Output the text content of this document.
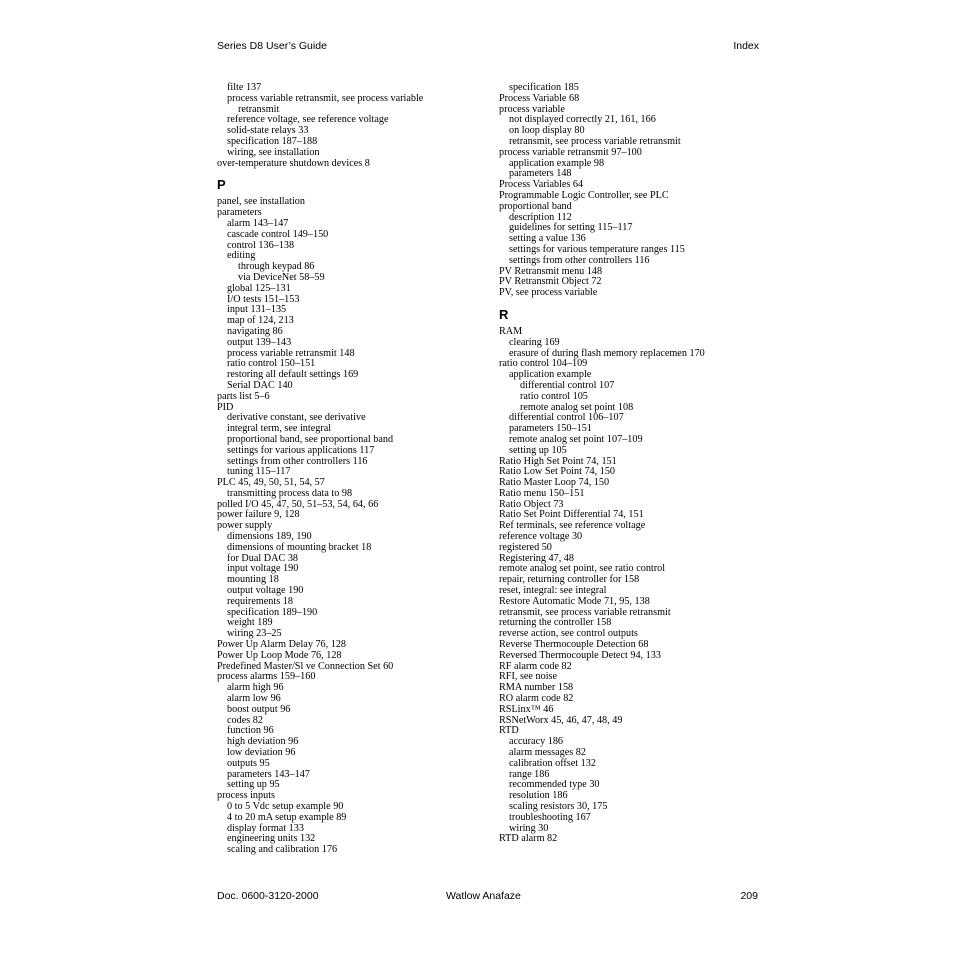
Series D8 User’s Guide	Index
filte 137
process variable retransmit, see process variable
retransmit
reference voltage, see reference voltage
solid-state relays 33
specification 187–188
wiring, see installation
over-temperature shutdown devices 8
P
panel, see installation
parameters
alarm 143–147
cascade control 149–150
control 136–138
editing
through keypad 86
via DeviceNet 58–59
global 125–131
I/O tests 151–153
input 131–135
map of 124, 213
navigating 86
output 139–143
process variable retransmit 148
ratio control 150–151
restoring all default settings 169
Serial DAC 140
parts list 5–6
PID
derivative constant, see derivative
integral term, see integral
proportional band, see proportional band
settings for various applications 117
settings from other controllers 116
tuning 115–117
PLC 45, 49, 50, 51, 54, 57
transmitting process data to 98
polled I/O 45, 47, 50, 51–53, 54, 64, 66
power failure 9, 128
power supply
dimensions 189, 190
dimensions of mounting bracket 18
for Dual DAC 38
input voltage 190
mounting 18
output voltage 190
requirements 18
specification 189–190
weight 189
wiring 23–25
Power Up Alarm Delay 76, 128
Power Up Loop Mode 76, 128
Predefined Master/Sl ve Connection Set 60
process alarms 159–160
alarm high 96
alarm low 96
boost output 96
codes 82
function 96
high deviation 96
low deviation 96
outputs 95
parameters 143–147
setting up 95
process inputs
0 to 5 Vdc setup example 90
4 to 20 mA setup example 89
display format 133
engineering units 132
scaling and calibration 176
specification 185
Process Variable 68
process variable
not displayed correctly 21, 161, 166
on loop display 80
retransmit, see process variable retransmit
process variable retransmit 97–100
application example 98
parameters 148
Process Variables 64
Programmable Logic Controller, see PLC
proportional band
description 112
guidelines for setting 115–117
setting a value 136
settings for various temperature ranges 115
settings from other controllers 116
PV Retransmit menu 148
PV Retransmit Object 72
PV, see process variable
R
RAM
clearing 169
erasure of during flash memory replacemen 170
ratio control 104–109
application example
differential control 107
ratio control 105
remote analog set point 108
differential control 106–107
parameters 150–151
remote analog set point 107–109
setting up 105
Ratio High Set Point 74, 151
Ratio Low Set Point 74, 150
Ratio Master Loop 74, 150
Ratio menu 150–151
Ratio Object 73
Ratio Set Point Differential 74, 151
Ref terminals, see reference voltage
reference voltage 30
registered 50
Registering 47, 48
remote analog set point, see ratio control
repair, returning controller for 158
reset, integral: see integral
Restore Automatic Mode 71, 95, 138
retransmit, see process variable retransmit
returning the controller 158
reverse action, see control outputs
Reverse Thermocouple Detection 68
Reversed Thermocouple Detect 94, 133
RF alarm code 82
RFI, see noise
RMA number 158
RO alarm code 82
RSLinx™ 46
RSNetWorx 45, 46, 47, 48, 49
RTD
accuracy 186
alarm messages 82
calibration offset 132
range 186
recommended type 30
resolution 186
scaling resistors 30, 175
troubleshooting 167
wiring 30
RTD alarm 82
Doc. 0600-3120-2000	Watlow Anafaze	209
